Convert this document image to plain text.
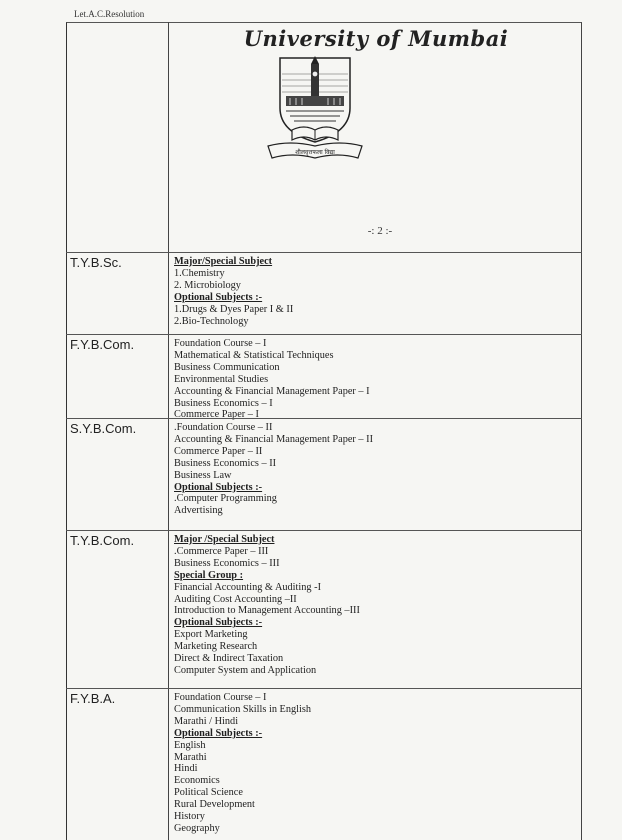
Let.A.C.Resolution
University of Mumbai
शीलवृत्तफला विद्या
-: 2 :-
T.Y.B.Sc.	Major/Special Subject
1.Chemistry
2. Microbiology
Optional Subjects :-
1.Drugs & Dyes Paper I & II
2.Bio-Technology
F.Y.B.Com.	Foundation Course – I
Mathematical & Statistical Techniques
Business Communication
Environmental Studies
Accounting & Financial Management Paper – I
Business Economics – I
Commerce Paper – I
S.Y.B.Com.	.Foundation Course – II
Accounting & Financial Management Paper – II
Commerce Paper – II
Business Economics – II
Business Law
Optional Subjects :-
.Computer Programming
Advertising
T.Y.B.Com.	Major /Special Subject
.Commerce Paper – III
Business Economics – III
Special Group :
Financial Accounting & Auditing -I
Auditing Cost Accounting –II
Introduction to Management Accounting –III
Optional Subjects :-
Export Marketing
Marketing Research
Direct & Indirect Taxation
Computer System and Application
F.Y.B.A.	Foundation Course – I
Communication Skills in English
Marathi / Hindi
Optional Subjects :-
English
Marathi
Hindi
Economics
Political Science
Rural Development
History
Geography
